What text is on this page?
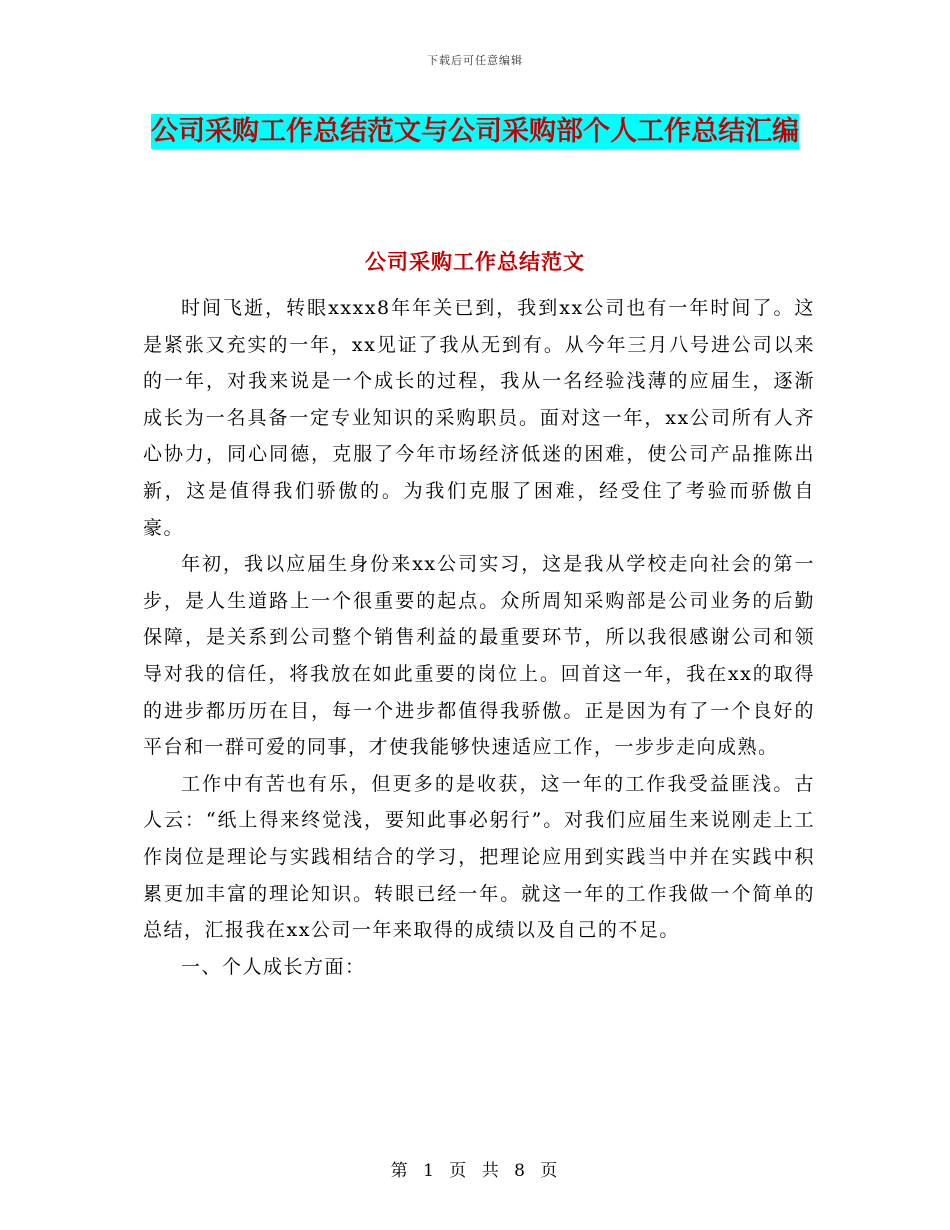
下载后可任意编辑
公司采购工作总结范文与公司采购部个人工作总结汇编
公司采购工作总结范文

时间飞逝，转眼xxxx8年年关已到，我到xx公司也有一年时间了。这是紧张又充实的一年，xx见证了我从无到有。从今年三月八号进公司以来的一年，对我来说是一个成长的过程，我从一名经验浅薄的应届生，逐渐成长为一名具备一定专业知识的采购职员。面对这一年，xx公司所有人齐心协力，同心同德，克服了今年市场经济低迷的困难，使公司产品推陈出新，这是值得我们骄傲的。为我们克服了困难，经受住了考验而骄傲自豪。

年初，我以应届生身份来xx公司实习，这是我从学校走向社会的第一步，是人生道路上一个很重要的起点。众所周知采购部是公司业务的后勤保障，是关系到公司整个销售利益的最重要环节，所以我很感谢公司和领导对我的信任，将我放在如此重要的岗位上。回首这一年，我在xx的取得的进步都历历在目，每一个进步都值得我骄傲。正是因为有了一个良好的平台和一群可爱的同事，才使我能够快速适应工作，一步步走向成熟。

工作中有苦也有乐，但更多的是收获，这一年的工作我受益匪浅。古人云：“纸上得来终觉浅，要知此事必躬行”。对我们应届生来说刚走上工作岗位是理论与实践相结合的学习，把理论应用到实践当中并在实践中积累更加丰富的理论知识。转眼已经一年。就这一年的工作我做一个简单的总结，汇报我在xx公司一年来取得的成绩以及自己的不足。

一、个人成长方面：

第 1 页 共 8 页
